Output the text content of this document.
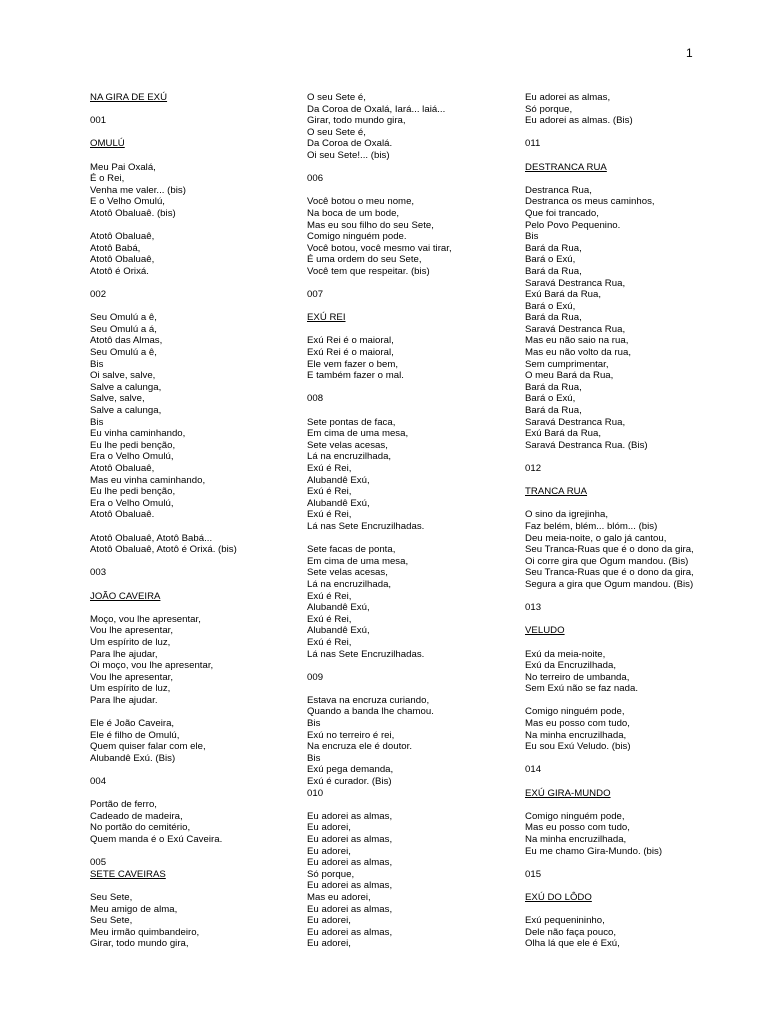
1
NA GIRA DE EXÚ
001
OMULÚ
Meu Pai Oxalá,
É o Rei,
Venha me valer... (bis)
E o Velho Omulú,
Atotô Obaluaê. (bis)
Atotô Obaluaê,
Atotô Babá,
Atotô Obaluaê,
Atotô é Orixá.
002
Seu Omulú a ê,
Seu Omulú a á,
Atotô das Almas,
Seu Omulú a ê,
Bis
Oi salve, salve,
Salve a calunga,
Salve, salve,
Salve a calunga,
Bis
Eu vinha caminhando,
Eu lhe pedi benção,
Era o Velho Omulú,
Atotô Obaluaê,
Mas eu vinha caminhando,
Eu lhe pedi benção,
Era o Velho Omulú,
Atotô Obaluaê.
Atotô Obaluaê, Atotô Babá...
Atotô Obaluaê, Atotô é Orixá. (bis)
003
JOÃO CAVEIRA
Moço, vou lhe apresentar,
Vou lhe apresentar,
Um espírito de luz,
Para lhe ajudar,
Oi moço, vou lhe apresentar,
Vou lhe apresentar,
Um espírito de luz,
Para lhe ajudar.
Ele é João Caveira,
Ele é filho de Omulú,
Quem quiser falar com ele,
Alubandê Exú. (Bis)
004
Portão de ferro,
Cadeado de madeira,
No portão do cemitério,
Quem manda é o Exú Caveira.
005
SETE CAVEIRAS
Seu Sete,
Meu amigo de alma,
Seu Sete,
Meu irmão quimbandeiro,
Girar, todo mundo gira,
O seu Sete é,
Da Coroa de Oxalá, Iará... laiá...
Girar, todo mundo gira,
O seu Sete é,
Da Coroa de Oxalá.
Oi seu Sete!... (bis)
006
Você botou o meu nome,
Na boca de um bode,
Mas eu sou filho do seu Sete,
Comigo ninguém pode.
Você botou, você mesmo vai tirar,
É uma ordem do seu Sete,
Você tem que respeitar. (bis)
007
EXÚ REI
Exú Rei é o maioral,
Exú Rei é o maioral,
Ele vem fazer o bem,
E também fazer o mal.
008
Sete pontas de faca,
Em cima de uma mesa,
Sete velas acesas,
Lá na encruzilhada,
Exú é Rei,
Alubandê Exú,
Exú é Rei,
Alubandê Exú,
Exú é Rei,
Lá nas Sete Encruzilhadas.
Sete facas de ponta,
Em cima de uma mesa,
Sete velas acesas,
Lá na encruzilhada,
Exú é Rei,
Alubandê Exú,
Exú é Rei,
Alubandê Exú,
Exú é Rei,
Lá nas Sete Encruzilhadas.
009
Estava na encruza curiando,
Quando a banda lhe chamou.
Bis
Exú no terreiro é rei,
Na encruza ele é doutor.
Bis
Exú pega demanda,
Exú é curador. (Bis)
010
Eu adorei as almas,
Eu adorei,
Eu adorei as almas,
Eu adorei,
Eu adorei as almas,
Só porque,
Eu adorei as almas,
Mas eu adorei,
Eu adorei as almas,
Eu adorei,
Eu adorei as almas,
Eu adorei,
Eu adorei as almas,
Só porque,
Eu adorei as almas. (Bis)
011
DESTRANCA RUA
Destranca Rua,
Destranca os meus caminhos,
Que foi trancado,
Pelo Povo Pequenino.
Bis
Bará da Rua,
Bará o Exú,
Bará da Rua,
Saravá Destranca Rua,
Exú Bará da Rua,
Bará o Exú,
Bará da Rua,
Saravá Destranca Rua,
Mas eu não saio na rua,
Mas eu não volto da rua,
Sem cumprimentar,
O meu Bará da Rua,
Bará da Rua,
Bará o Exú,
Bará da Rua,
Saravá Destranca Rua,
Exú Bará da Rua,
Saravá Destranca Rua. (Bis)
012
TRANCA RUA
O sino da igrejinha,
Faz belém, blém... blóm... (bis)
Deu meia-noite, o galo já cantou,
Seu Tranca-Ruas que é o dono da gira,
Oi corre gira que Ogum mandou. (Bis)
Seu Tranca-Ruas que é o dono da gira,
Segura a gira que Ogum mandou. (Bis)
013
VELUDO
Exú da meia-noite,
Exú da Encruzilhada,
No terreiro de umbanda,
Sem Exú não se faz nada.
Comigo ninguém pode,
Mas eu posso com tudo,
Na minha encruzilhada,
Eu sou Exú Veludo. (bis)
014
EXÚ GIRA-MUNDO
Comigo ninguém pode,
Mas eu posso com tudo,
Na minha encruzilhada,
Eu me chamo Gira-Mundo. (bis)
015
EXÚ DO LÔDO
Exú pequenininho,
Dele não faça pouco,
Olha lá que ele é Exú,
